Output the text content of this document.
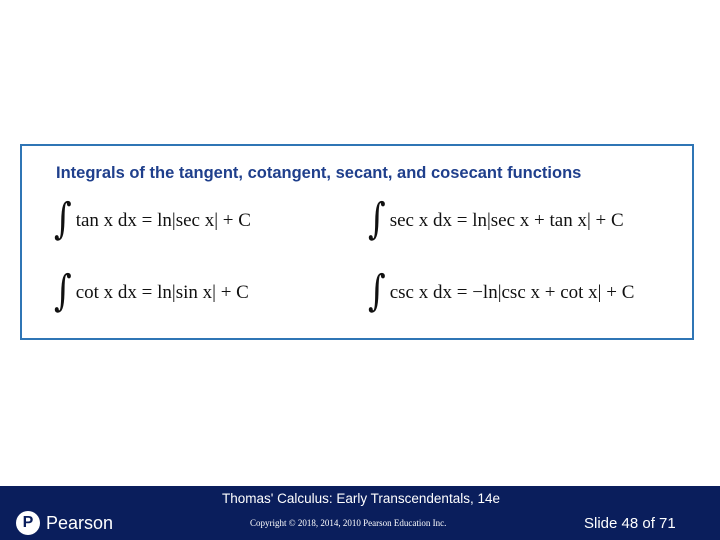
Integrals of the tangent, cotangent, secant, and cosecant functions
∫ tan x dx = ln|sec x| + C	∫ sec x dx = ln|sec x + tan x| + C
∫ cot x dx = ln|sin x| + C	∫ csc x dx = −ln|csc x + cot x| + C
P Pearson
Thomas' Calculus: Early Transcendentals, 14e
Copyright © 2018, 2014, 2010 Pearson Education Inc.	Slide 48 of 71
